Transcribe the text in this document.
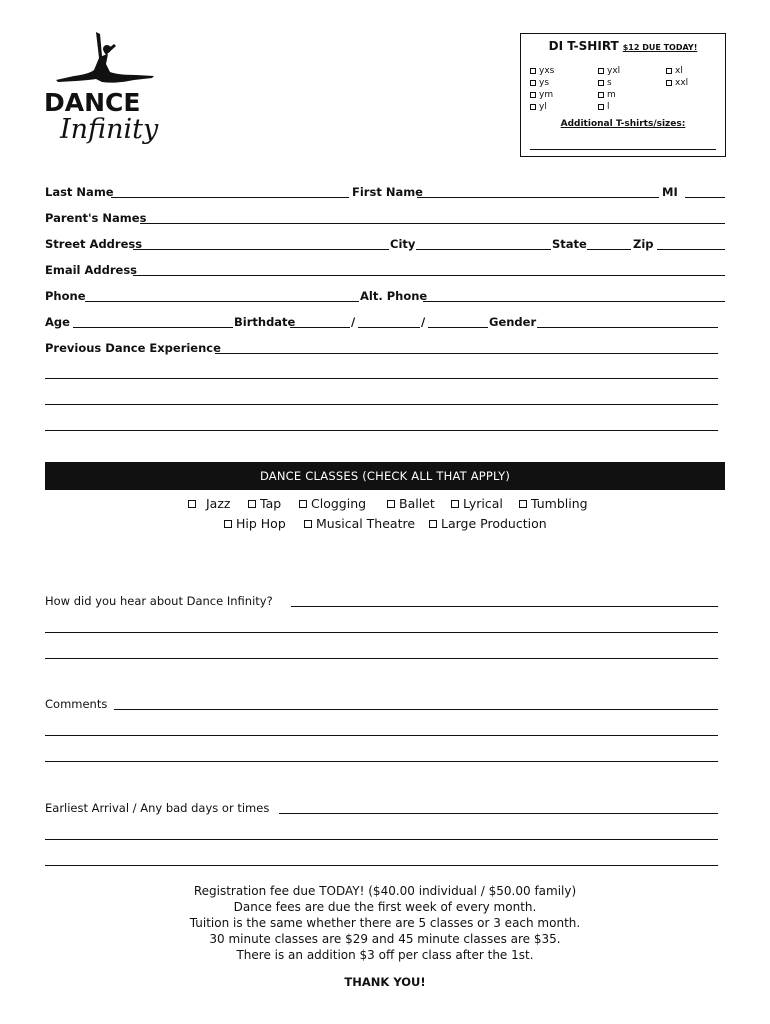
DANCE
Infinity
DI T-SHIRT $12 DUE TODAY!
yxs
ys
ym
yl
yxl
s
m
l
xl
xxl
Additional T-shirts/sizes:
Last Name	First Name	MI
Parent's Names
Street Address	City	State	Zip
Email Address
Phone	Alt. Phone
Age	Birthdate	/	/	Gender
Previous Dance Experience
DANCE CLASSES (CHECK ALL THAT APPLY)
Jazz Tap Clogging	Ballet Lyrical Tumbling
Hip Hop Musical Theatre Large Production
How did you hear about Dance Infinity?
Comments
Earliest Arrival / Any bad days or times
Registration fee due TODAY! ($40.00 individual / $50.00 family)
Dance fees are due the first week of every month.
Tuition is the same whether there are 5 classes or 3 each month.
30 minute classes are $29 and 45 minute classes are $35.
There is an addition $3 off per class after the 1st.
THANK YOU!
